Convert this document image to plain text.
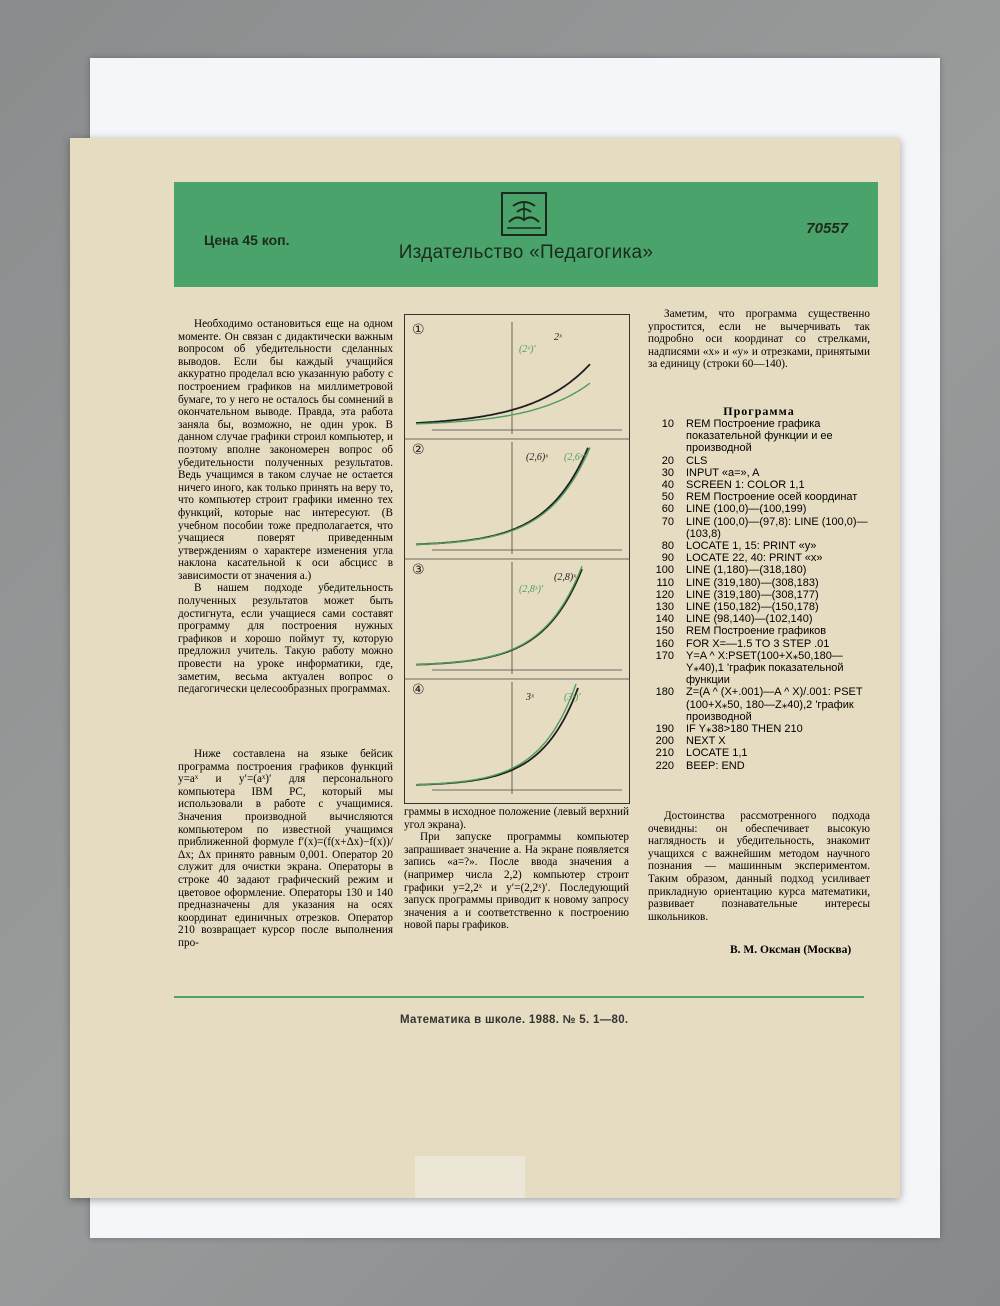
Цена 45 коп.
70557
Издательство «Педагогика»

Необходимо остановиться еще на одном моменте. Он связан с дидактически важным вопросом об убедительности сделанных выводов. Если бы каждый учащийся аккуратно проделал всю указанную работу с построением графиков на миллиметровой бумаге, то у него не осталось бы сомнений в окончательном выводе. Правда, эта работа заняла бы, возможно, не один урок. В данном случае графики строил компьютер, и поэтому вполне закономерен вопрос об убедительности полученных результатов. Ведь учащимся в таком случае не остается ничего иного, как только принять на веру то, что компьютер строит графики именно тех функций, которые нас интересуют. (В учебном пособии тоже предполагается, что учащиеся поверят приведенным утверждениям о характере изменения угла наклона касательной к оси абсцисс в зависимости от значения a.)

В нашем подходе убедительность полученных результатов может быть достигнута, если учащиеся сами составят программу для построения нужных графиков и хорошо поймут ту, которую предложил учитель. Такую работу можно провести на уроке информатики, где, заметим, весьма актуален вопрос о педагогически целесообразных программах.

Ниже составлена на языке бейсик программа построения графиков функций y=aˣ и y′=(aˣ)′ для персонального компьютера IBM PC, который мы использовали в работе с учащимися. Значения производной вычисляются компьютером по известной учащимся приближенной формуле f′(x)=(f(x+Δx)−f(x))/Δx; Δx принято равным 0,001. Оператор 20 служит для очистки экрана. Операторы в строке 40 задают графический режим и цветовое оформление. Операторы 130 и 140 предназначены для указания на осях координат единичных отрезков. Оператор 210 возвращает курсор после выполнения про-

①	2ˣ
(2ˣ)′
②	(2,6)ˣ (2,6ˣ)′
③	(2,8)ˣ
(2,8ˣ)′
④	3ˣ	(3ˣ)′

граммы в исходное положение (левый верхний угол экрана).

При запуске программы компьютер запрашивает значение a. На экране появляется запись «a=?». После ввода значения a (например числа 2,2) компьютер строит графики y=2,2ˣ и y′=(2,2ˣ)′. Последующий запуск программы приводит к новому запросу значения a и соответственно к построению новой пары графиков.

Заметим, что программа существенно упростится, если не вычерчивать так подробно оси координат со стрелками, надписями «x» и «y» и отрезками, принятыми за единицу (строки 60—140).

Программа
10	REM Построение графика показательной функции и ее производной
20	CLS
30	INPUT «a=», A
40	SCREEN 1: COLOR 1,1
50	REM Построение осей координат
60	LINE (100,0)—(100,199)
70	LINE (100,0)—(97,8): LINE (100,0)—(103,8)
80	LOCATE 1, 15: PRINT «y»
90	LOCATE 22, 40: PRINT «x»
100	LINE (1,180)—(318,180)
110	LINE (319,180)—(308,183)
120	LINE (319,180)—(308,177)
130	LINE (150,182)—(150,178)
140	LINE (98,140)—(102,140)
150	REM Построение графиков
160	FOR X=—1.5 TO 3 STEP .01
170	Y=A ^ X:PSET(100+X⁎50,180—Y⁎40),1 'график показательной функции
180	Z=(A ^ (X+.001)—A ^ X)/.001: PSET (100+X⁎50, 180—Z⁎40),2 'график производной
190	IF Y⁎38>180 THEN 210
200	NEXT X
210	LOCATE 1,1
220	BEEP: END

Достоинства рассмотренного подхода очевидны: он обеспечивает высокую наглядность и убедительность, знакомит учащихся с важнейшим методом научного познания — машинным экспериментом. Таким образом, данный подход усиливает прикладную ориентацию курса математики, развивает познавательные интересы школьников.

В. М. Оксман (Москва)
Математика в школе. 1988. № 5. 1—80.
